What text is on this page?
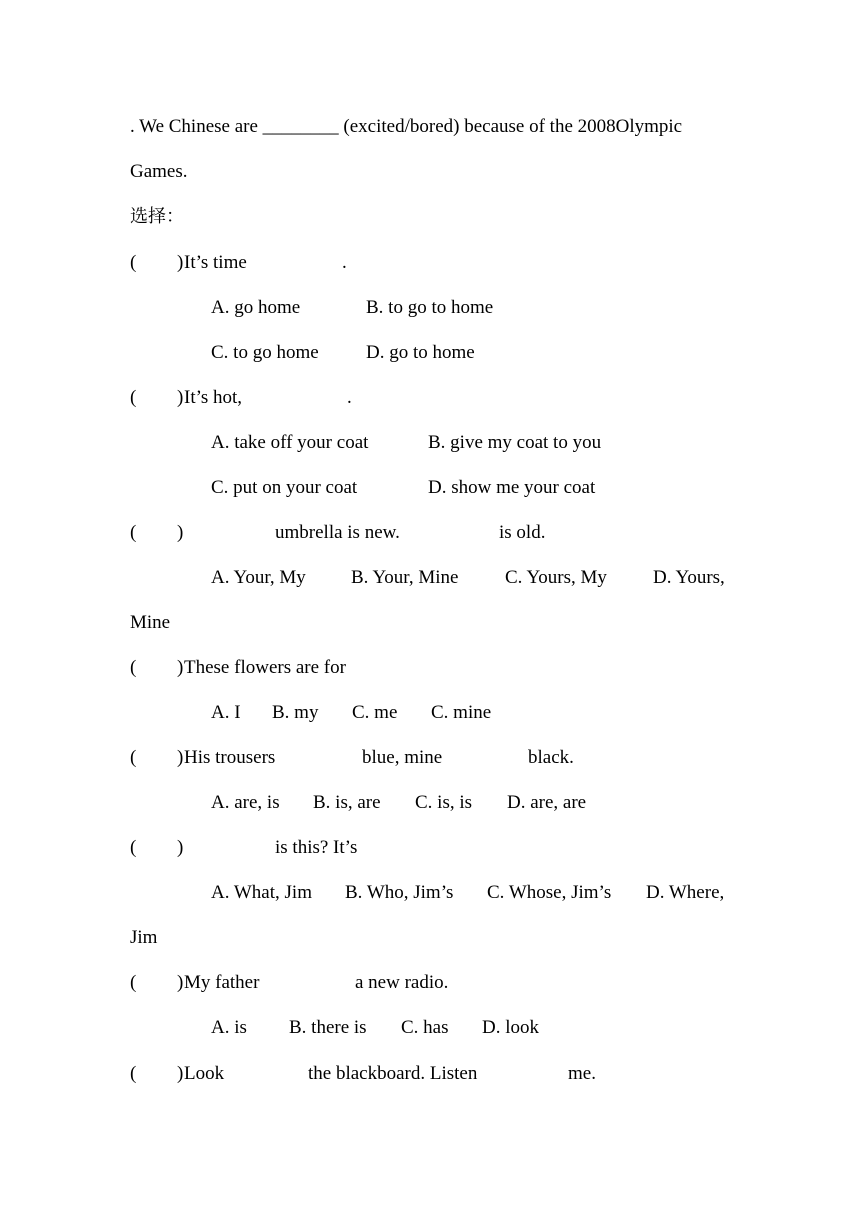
. We Chinese are ________ (excited/bored) because of the 2008Olympic
Games.
选择：
( ) It’s time	.
A. go home	B. to go to home
C. to go home D. go to home
( ) It’s hot,	.
A. take off your coat	B. give my coat to you
C. put on your coat	D. show me your coat
( )	umbrella is new.	is old.
A. Your, My B. Your, Mine C. Yours, My D. Yours,
Mine
( ) These flowers are for
A. I B. my C. me C. mine
( ) His trousers	blue, mine	black.
A. are, is B. is, are C. is, is D. are, are
( )	is this? It’s
A. What, Jim B. Who, Jim’s C. Whose, Jim’s D. Where,
Jim
( ) My father	a new radio.
A. is B. there is C. has D. look
( ) Look	the blackboard. Listen	me.
